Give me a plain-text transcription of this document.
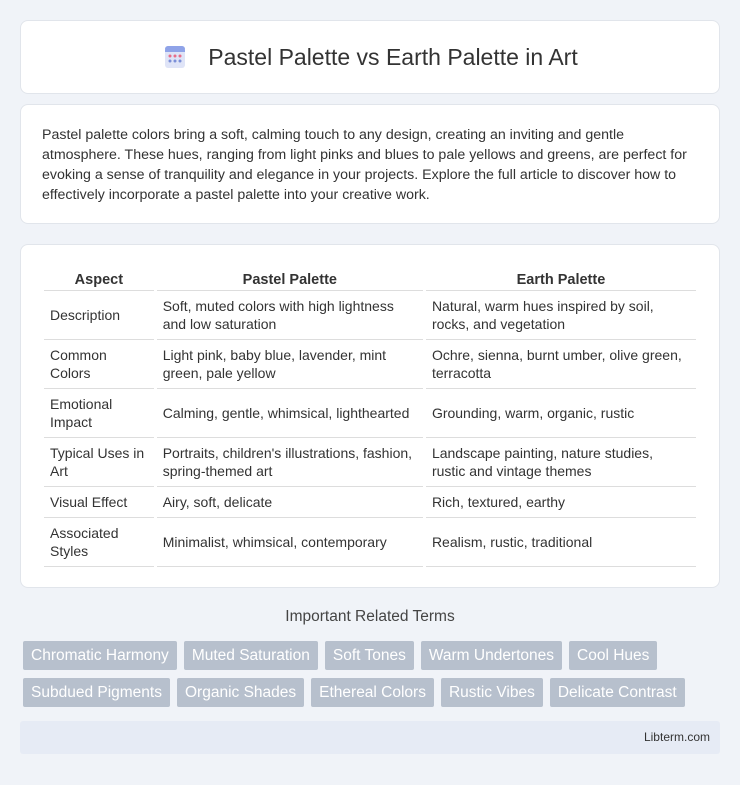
Pastel Palette vs Earth Palette in Art

Pastel palette colors bring a soft, calming touch to any design, creating an inviting and gentle atmosphere. These hues, ranging from light pinks and blues to pale yellows and greens, are perfect for evoking a sense of tranquility and elegance in your projects. Explore the full article to discover how to effectively incorporate a pastel palette into your creative work.

Aspect	Pastel Palette	Earth Palette
Description	Soft, muted colors with high lightness and low saturation	Natural, warm hues inspired by soil, rocks, and vegetation
Common Colors	Light pink, baby blue, lavender, mint green, pale yellow	Ochre, sienna, burnt umber, olive green, terracotta
Emotional Impact	Calming, gentle, whimsical, lighthearted	Grounding, warm, organic, rustic
Typical Uses in Art	Portraits, children's illustrations, fashion, spring-themed art	Landscape painting, nature studies, rustic and vintage themes
Visual Effect	Airy, soft, delicate	Rich, textured, earthy
Associated Styles	Minimalist, whimsical, contemporary	Realism, rustic, traditional
Important Related Terms
Chromatic Harmony	Muted Saturation	Soft Tones	Warm Undertones	Cool Hues
Subdued Pigments	Organic Shades	Ethereal Colors	Rustic Vibes	Delicate Contrast
Libterm.com
